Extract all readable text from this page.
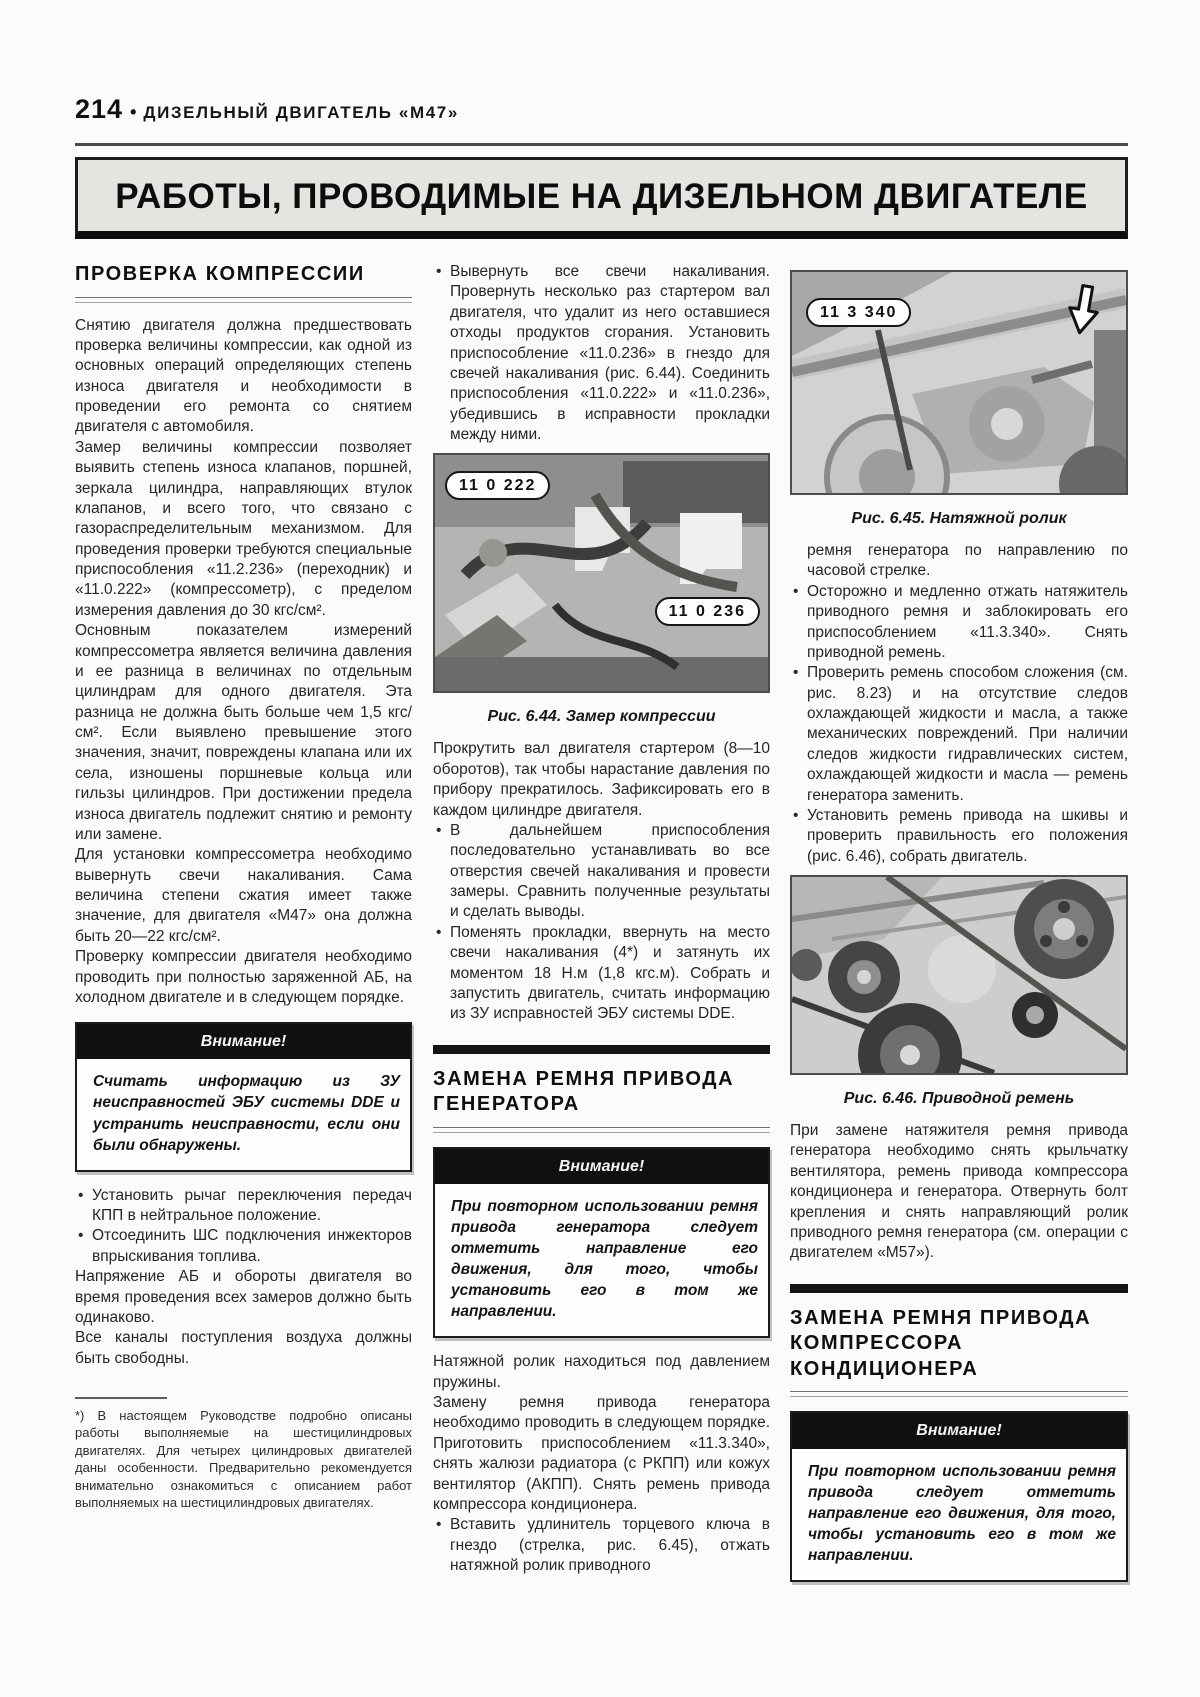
214 • ДИЗЕЛЬНЫЙ ДВИГАТЕЛЬ «М47»
РАБОТЫ, ПРОВОДИМЫЕ НА ДИЗЕЛЬНОМ ДВИГАТЕЛЕ
ПРОВЕРКА КОМПРЕССИИ

Снятию двигателя должна предшествовать проверка величины компрессии, как одной из основных операций определяющих степень износа двигателя и необходимости в проведении его ремонта со снятием двигателя с автомобиля.

Замер величины компрессии позволяет выявить степень износа клапанов, поршней, зеркала цилиндра, направляющих втулок клапанов, и всего того, что связано с газораспределительным механизмом. Для проведения проверки требуются специальные приспособления «11.2.236» (переходник) и «11.0.222» (компрессометр), с пределом измерения давления до 30 кгс/см².

Основным показателем измерений компрессометра является величина давления и ее разница в величинах по отдельным цилиндрам для одного двигателя. Эта разница не должна быть больше чем 1,5 кгс/см². Если выявлено превышение этого значения, значит, повреждены клапана или их села, изношены поршневые кольца или гильзы цилиндров. При достижении предела износа двигатель подлежит снятию и ремонту или замене.

Для установки компрессометра необходимо вывернуть свечи накаливания. Сама величина степени сжатия имеет также значение, для двигателя «М47» она должна быть 20—22 кгс/см².

Проверку компрессии двигателя необходимо проводить при полностью заряженной АБ, на холодном двигателе и в следующем порядке.

Внимание!
Считать информацию из ЗУ неисправностей ЭБУ системы DDE и устранить неисправности, если они были обнаружены.
• Установить рычаг переключения передач КПП в нейтральное положение.
• Отсоединить ШС подключения инжекторов впрыскивания топлива.

Напряжение АБ и обороты двигателя во время проведения всех замеров должно быть одинаково.

Все каналы поступления воздуха должны быть свободны.

*) В настоящем Руководстве подробно описаны работы выполняемые на шестицилиндровых двигателях. Для четырех цилиндровых двигателей даны особенности. Предварительно рекомендуется внимательно ознакомиться с описанием работ выполняемых на шестицилиндровых двигателях.

• Вывернуть все свечи накаливания. Провернуть несколько раз стартером вал двигателя, что удалит из него оставшиеся отходы продуктов сгорания. Установить приспособление «11.0.236» в гнездо для свечей накаливания (рис. 6.44). Соединить приспособления «11.0.222» и «11.0.236», убедившись в исправности прокладки между ними.
11 0 222
11 0 236
Рис. 6.44. Замер компрессии

Прокрутить вал двигателя стартером (8—10 оборотов), так чтобы нарастание давления по прибору прекратилось. Зафиксировать его в каждом цилиндре двигателя.

• В дальнейшем приспособления последовательно устанавливать во все отверстия свечей накаливания и провести замеры. Сравнить полученные результаты и сделать выводы.
• Поменять прокладки, ввернуть на место свечи накаливания (4*) и затянуть их моментом 18 Н.м (1,8 кгс.м). Собрать и запустить двигатель, считать информацию из ЗУ исправностей ЭБУ системы DDE.
ЗАМЕНА РЕМНЯ ПРИВОДА ГЕНЕРАТОРА
Внимание!
При повторном использовании ремня привода генератора следует отметить направление его движения, для того, чтобы установить его в том же направлении.

Натяжной ролик находиться под давлением пружины.

Замену ремня привода генератора необходимо проводить в следующем порядке. Приготовить приспособлением «11.3.340», снять жалюзи радиатора (с РКПП) или кожух вентилятор (АКПП). Снять ремень привода компрессора кондиционера.

• Вставить удлинитель торцевого ключа в гнездо (стрелка, рис. 6.45), отжать натяжной ролик приводного
11 3 340
Рис. 6.45. Натяжной ролик

ремня генератора по направлению по часовой стрелке.

• Осторожно и медленно отжать натяжитель приводного ремня и заблокировать его приспособлением «11.3.340». Снять приводной ремень.
• Проверить ремень способом сложения (см. рис. 8.23) и на отсутствие следов охлаждающей жидкости и масла, а также механических повреждений. При наличии следов жидкости гидравлических систем, охлаждающей жидкости и масла — ремень генератора заменить.
• Установить ремень привода на шкивы и проверить правильность его положения (рис. 6.46), собрать двигатель.
Рис. 6.46. Приводной ремень

При замене натяжителя ремня привода генератора необходимо снять крыльчатку вентилятора, ремень привода компрессора кондиционера и генератора. Отвернуть болт крепления и снять направляющий ролик приводного ремня генератора (см. операции с двигателем «М57»).

ЗАМЕНА РЕМНЯ ПРИВОДА КОМПРЕССОРА КОНДИЦИОНЕРА
Внимание!
При повторном использовании ремня привода следует отметить направление его движения, для того, чтобы установить его в том же направлении.
